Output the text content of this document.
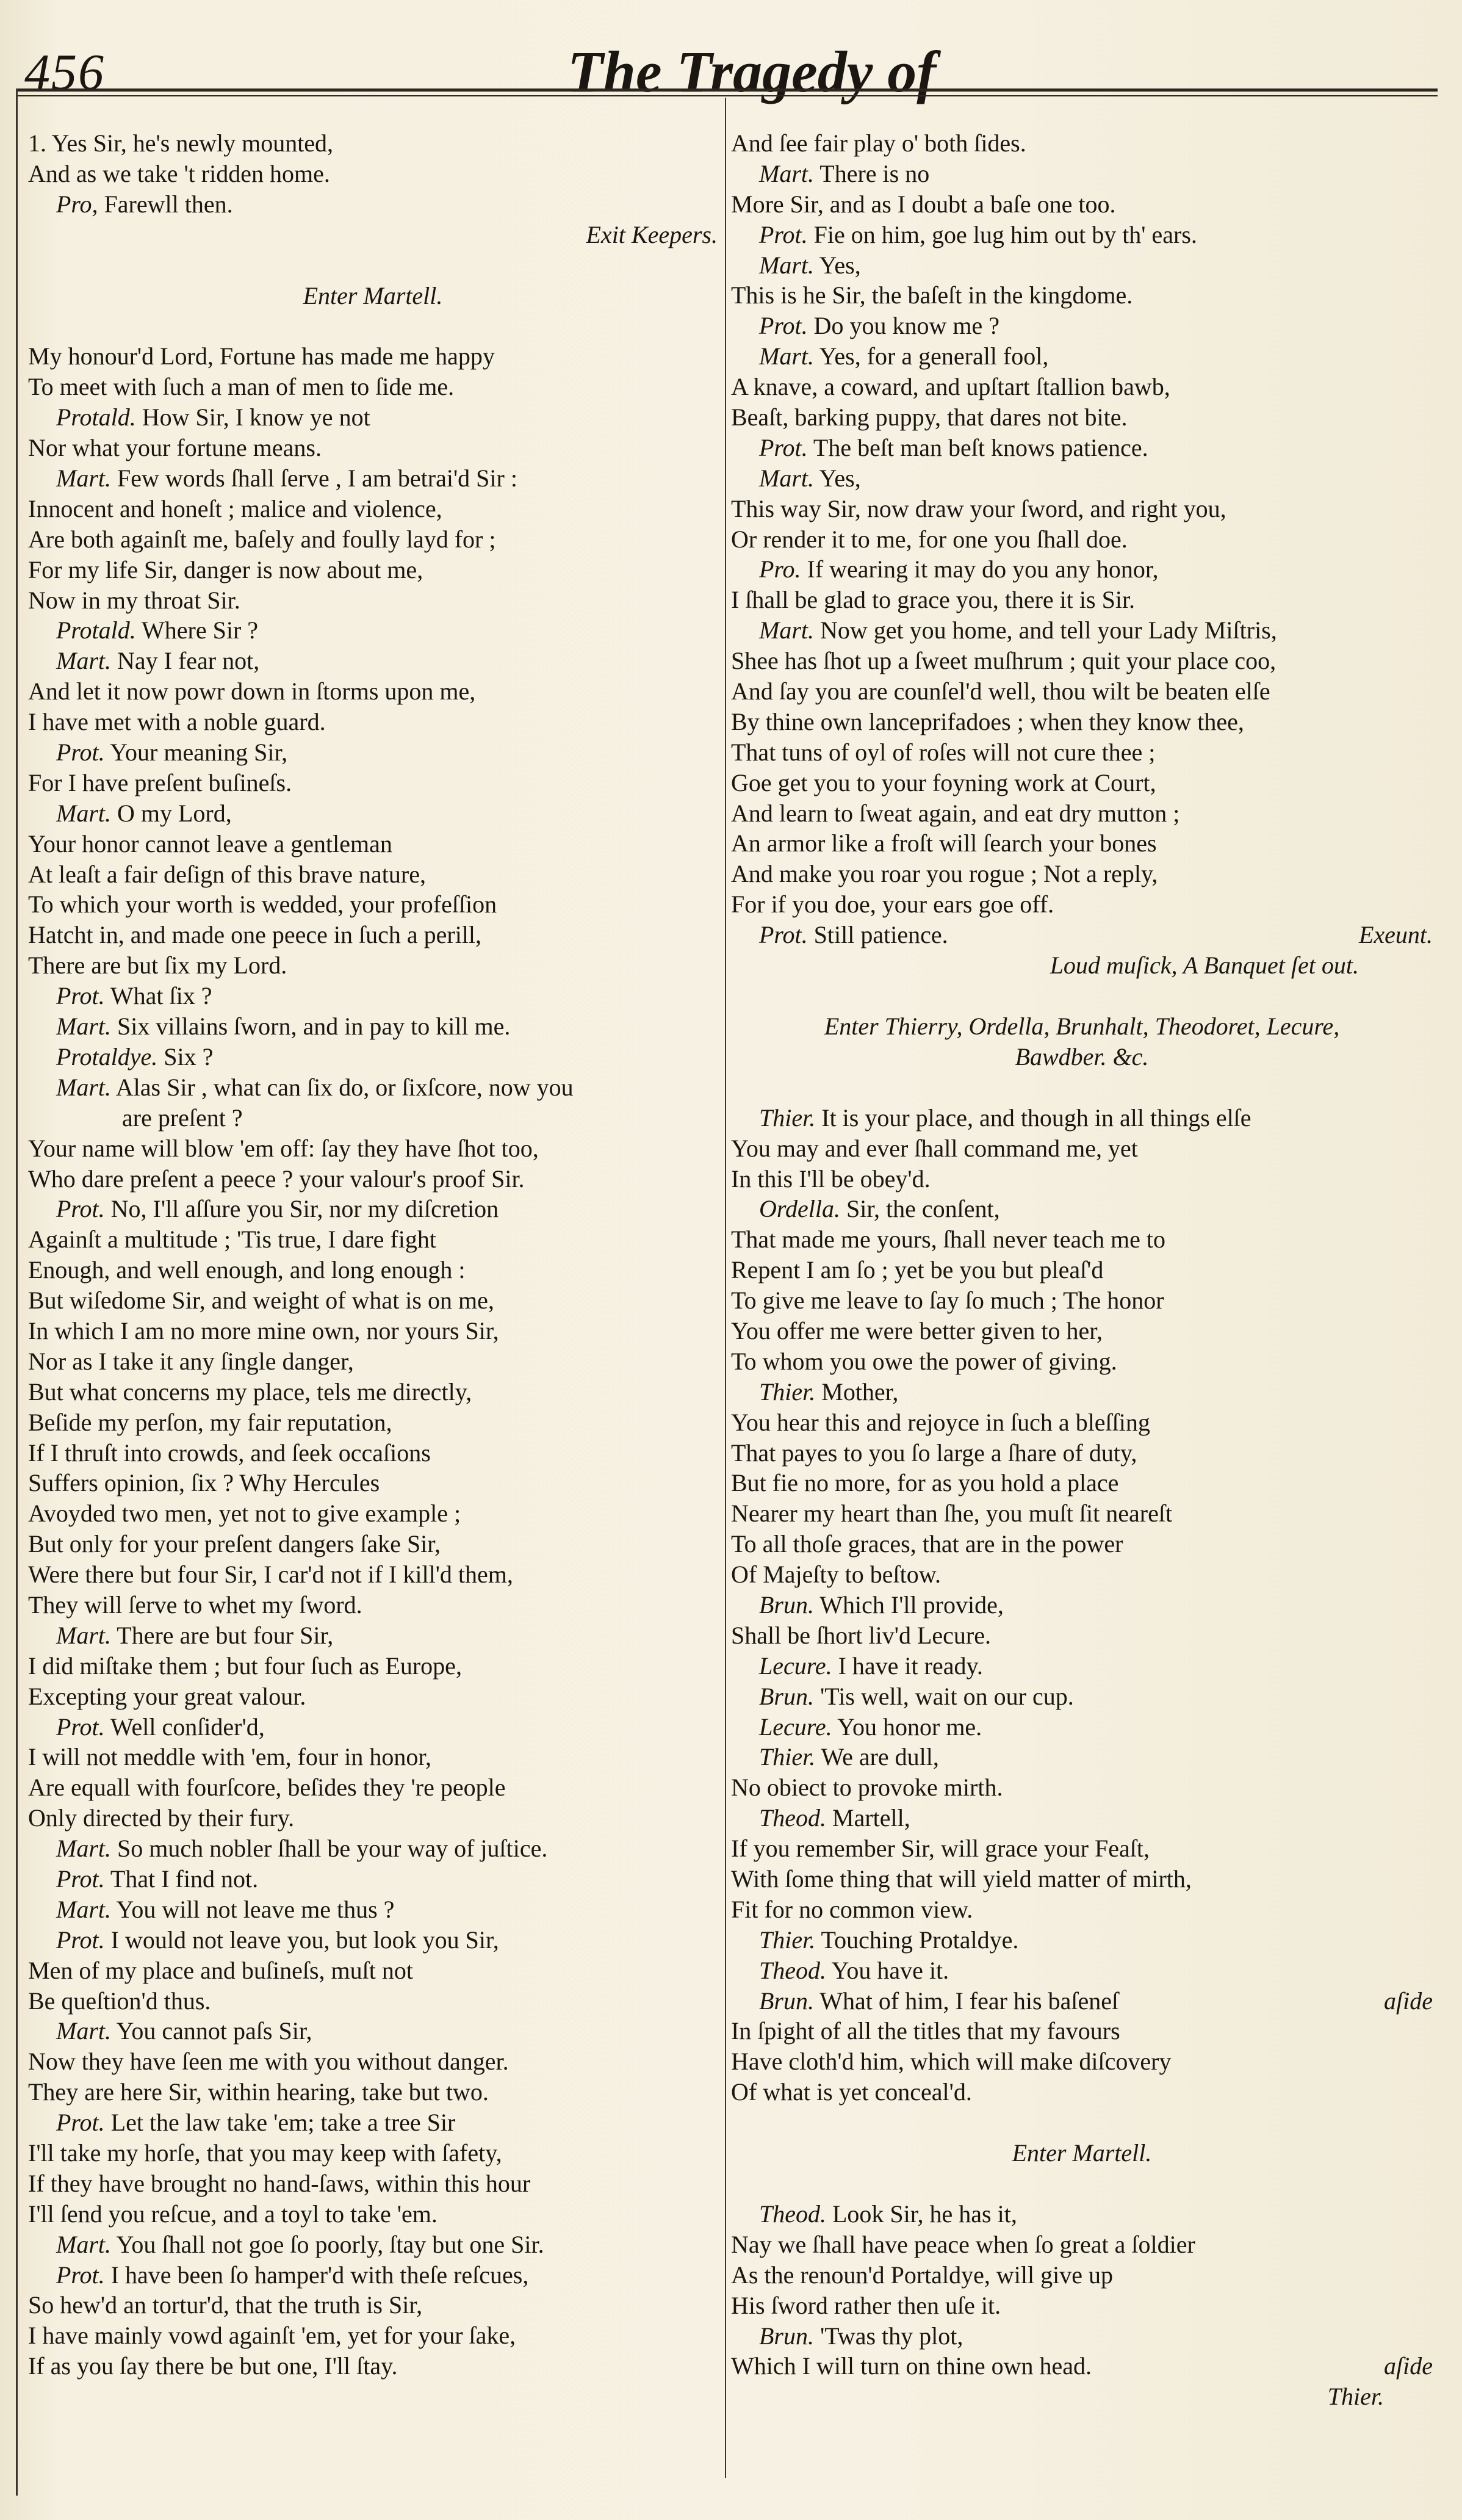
456	The Tragedy of
1. Yes Sir, he's newly mounted,
And as we take 't ridden home.
Pro, Farewll then.
Exit Keepers.
Enter Martell.
My honour'd Lord, Fortune has made me happy
To meet with ſuch a man of men to ſide me.
Protald. How Sir, I know ye not
Nor what your fortune means.
Mart. Few words ſhall ſerve , I am betrai'd Sir :
Innocent and honeſt ; malice and violence,
Are both againſt me, baſely and foully layd for ;
For my life Sir, danger is now about me,
Now in my throat Sir.
Protald. Where Sir ?
Mart. Nay I fear not,
And let it now powr down in ſtorms upon me,
I have met with a noble guard.
Prot. Your meaning Sir,
For I have preſent buſineſs.
Mart. O my Lord,
Your honor cannot leave a gentleman
At leaſt a fair deſign of this brave nature,
To which your worth is wedded, your profeſſion
Hatcht in, and made one peece in ſuch a perill,
There are but ſix my Lord.
Prot. What ſix ?
Mart. Six villains ſworn, and in pay to kill me.
Protaldye. Six ?
Mart. Alas Sir , what can ſix do, or ſixſcore, now you
are preſent ?
Your name will blow 'em off: ſay they have ſhot too,
Who dare preſent a peece ? your valour's proof Sir.
Prot. No, I'll aſſure you Sir, nor my diſcretion
Againſt a multitude ; 'Tis true, I dare fight
Enough, and well enough, and long enough :
But wiſedome Sir, and weight of what is on me,
In which I am no more mine own, nor yours Sir,
Nor as I take it any ſingle danger,
But what concerns my place, tels me directly,
Beſide my perſon, my fair reputation,
If I thruſt into crowds, and ſeek occaſions
Suffers opinion, ſix ? Why Hercules
Avoyded two men, yet not to give example ;
But only for your preſent dangers ſake Sir,
Were there but four Sir, I car'd not if I kill'd them,
They will ſerve to whet my ſword.
Mart. There are but four Sir,
I did miſtake them ; but four ſuch as Europe,
Excepting your great valour.
Prot. Well conſider'd,
I will not meddle with 'em, four in honor,
Are equall with fourſcore, beſides they 're people
Only directed by their fury.
Mart. So much nobler ſhall be your way of juſtice.
Prot. That I find not.
Mart. You will not leave me thus ?
Prot. I would not leave you, but look you Sir,
Men of my place and buſineſs, muſt not
Be queſtion'd thus.
Mart. You cannot paſs Sir,
Now they have ſeen me with you without danger.
They are here Sir, within hearing, take but two.
Prot. Let the law take 'em; take a tree Sir
I'll take my horſe, that you may keep with ſafety,
If they have brought no hand-ſaws, within this hour
I'll ſend you reſcue, and a toyl to take 'em.
Mart. You ſhall not goe ſo poorly, ſtay but one Sir.
Prot. I have been ſo hamper'd with theſe reſcues,
So hew'd an tortur'd, that the truth is Sir,
I have mainly vowd againſt 'em, yet for your ſake,
If as you ſay there be but one, I'll ſtay.
And ſee fair play o' both ſides.
Mart. There is no
More Sir, and as I doubt a baſe one too.
Prot. Fie on him, goe lug him out by th' ears.
Mart. Yes,
This is he Sir, the baſeſt in the kingdome.
Prot. Do you know me ?
Mart. Yes, for a generall fool,
A knave, a coward, and upſtart ſtallion bawb,
Beaſt, barking puppy, that dares not bite.
Prot. The beſt man beſt knows patience.
Mart. Yes,
This way Sir, now draw your ſword, and right you,
Or render it to me, for one you ſhall doe.
Pro. If wearing it may do you any honor,
I ſhall be glad to grace you, there it is Sir.
Mart. Now get you home, and tell your Lady Miſtris,
Shee has ſhot up a ſweet muſhrum ; quit your place coo,
And ſay you are counſel'd well, thou wilt be beaten elſe
By thine own lanceprifadoes ; when they know thee,
That tuns of oyl of roſes will not cure thee ;
Goe get you to your foyning work at Court,
And learn to ſweat again, and eat dry mutton ;
An armor like a froſt will ſearch your bones
And make you roar you rogue ; Not a reply,
For if you doe, your ears goe off.
Exeunt.
Prot. Still patience.
Loud muſick, A Banquet ſet out.
Enter Thierry, Ordella, Brunhalt, Theodoret, Lecure,
Bawdber. &c.
Thier. It is your place, and though in all things elſe
You may and ever ſhall command me, yet
In this I'll be obey'd.
Ordella. Sir, the conſent,
That made me yours, ſhall never teach me to
Repent I am ſo ; yet be you but pleaſ'd
To give me leave to ſay ſo much ; The honor
You offer me were better given to her,
To whom you owe the power of giving.
Thier. Mother,
You hear this and rejoyce in ſuch a bleſſing
That payes to you ſo large a ſhare of duty,
But fie no more, for as you hold a place
Nearer my heart than ſhe, you muſt ſit neareſt
To all thoſe graces, that are in the power
Of Majeſty to beſtow.
Brun. Which I'll provide,
Shall be ſhort liv'd Lecure.
Lecure. I have it ready.
Brun. 'Tis well, wait on our cup.
Lecure. You honor me.
Thier. We are dull,
No obiect to provoke mirth.
Theod. Martell,
If you remember Sir, will grace your Feaſt,
With ſome thing that will yield matter of mirth,
Fit for no common view.
Thier. Touching Protaldye.
Theod. You have it.
aſide
Brun. What of him, I fear his baſeneſ
In ſpight of all the titles that my favours
Have cloth'd him, which will make diſcovery
Of what is yet conceal'd.
Enter Martell.
Theod. Look Sir, he has it,
Nay we ſhall have peace when ſo great a ſoldier
As the renoun'd Portaldye, will give up
His ſword rather then uſe it.
Brun. 'Twas thy plot,
aſide
Which I will turn on thine own head.
Thier.
